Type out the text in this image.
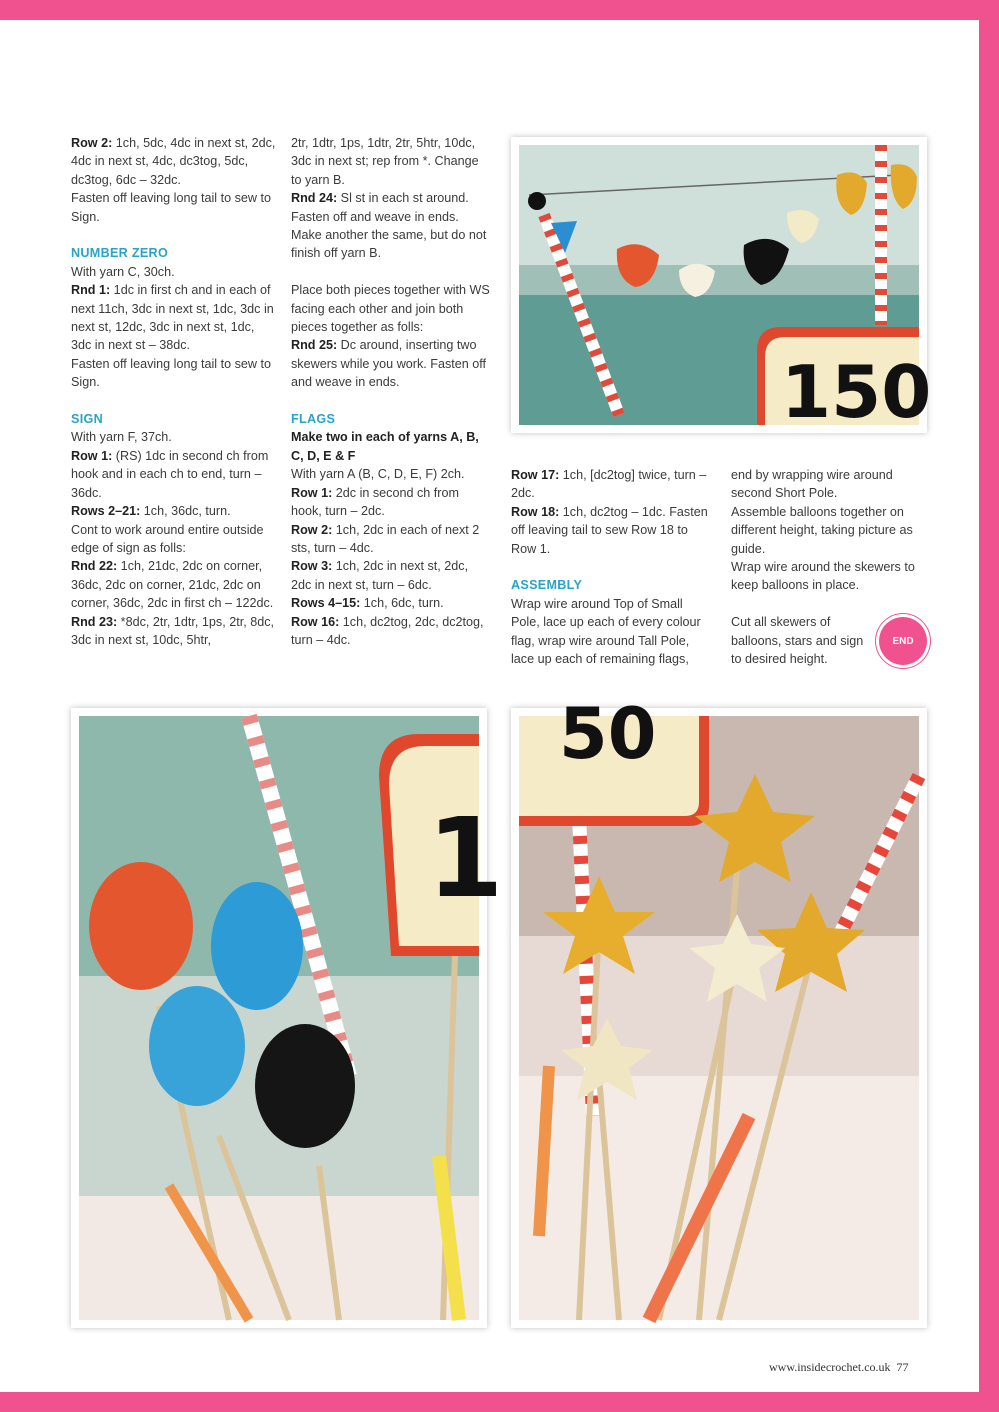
Row 2: 1ch, 5dc, 4dc in next st, 2dc, 4dc in next st, 4dc, dc3tog, 5dc, dc3tog, 6dc – 32dc.
Fasten off leaving long tail to sew to Sign.

NUMBER ZERO

With yarn C, 30ch.
Rnd 1: 1dc in first ch and in each of next 11ch, 3dc in next st, 1dc, 3dc in next st, 12dc, 3dc in next st, 1dc, 3dc in next st – 38dc.
Fasten off leaving long tail to sew to Sign.

SIGN

With yarn F, 37ch.
Row 1: (RS) 1dc in second ch from hook and in each ch to end, turn – 36dc.
Rows 2–21: 1ch, 36dc, turn.
Cont to work around entire outside edge of sign as folls:
Rnd 22: 1ch, 21dc, 2dc on corner, 36dc, 2dc on corner, 21dc, 2dc on corner, 36dc, 2dc in first ch – 122dc.
Rnd 23: *8dc, 2tr, 1dtr, 1ps, 2tr, 8dc, 3dc in next st, 10dc, 5htr,

2tr, 1dtr, 1ps, 1dtr, 2tr, 5htr, 10dc, 3dc in next st; rep from *. Change to yarn B.
Rnd 24: Sl st in each st around.
Fasten off and weave in ends. Make another the same, but do not finish off yarn B.

Place both pieces together with WS facing each other and join both pieces together as folls:
Rnd 25: Dc around, inserting two skewers while you work. Fasten off and weave in ends.

FLAGS

Make two in each of yarns A, B, C, D, E & F
With yarn A (B, C, D, E, F) 2ch.
Row 1: 2dc in second ch from hook, turn – 2dc.
Row 2: 1ch, 2dc in each of next 2 sts, turn – 4dc.
Row 3: 1ch, 2dc in next st, 2dc, 2dc in next st, turn – 6dc.
Rows 4–15: 1ch, 6dc, turn.
Row 16: 1ch, dc2tog, 2dc, dc2tog, turn – 4dc.

Row 17: 1ch, [dc2tog] twice, turn – 2dc.
Row 18: 1ch, dc2tog – 1dc. Fasten off leaving tail to sew Row 18 to Row 1.

ASSEMBLY

Wrap wire around Top of Small Pole, lace up each of every colour flag, wrap wire around Tall Pole, lace up each of remaining flags,

end by wrapping wire around second Short Pole.
Assemble balloons together on different height, taking picture as guide.
Wrap wire around the skewers to keep balloons in place.

Cut all skewers of balloons, stars and sign to desired height.

END
150
1
50
www.insidecrochet.co.uk 77
